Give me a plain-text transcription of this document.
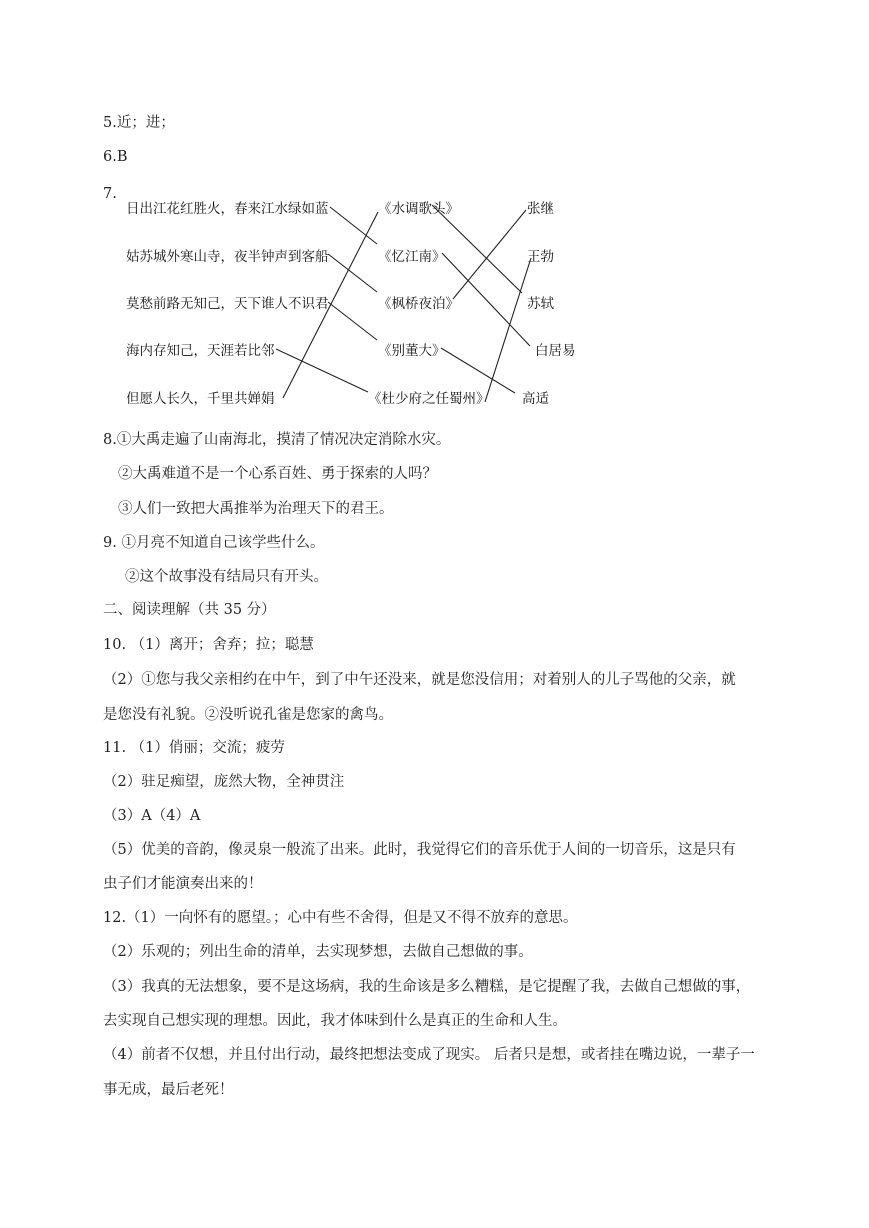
日出江花红胜火，春来江水绿如蓝
姑苏城外寒山寺，夜半钟声到客船
莫愁前路无知己，天下谁人不识君
海内存知己，天涯若比邻
但愿人长久，千里共婵娟
《水调歌头》
《忆江南》
《枫桥夜泊》
《别董大》
《杜少府之任蜀州》
张继
王勃
苏轼
白居易
高适
5.近；进；
6.B
7.
8.①大禹走遍了山南海北，摸清了情况决定消除水灾。
②大禹难道不是一个心系百姓、勇于探索的人吗？
③人们一致把大禹推举为治理天下的君王。
9. ①月亮不知道自己该学些什么。
②这个故事没有结局只有开头。
二、阅读理解（共 35 分）
10. （1）离开；舍弃；拉；聪慧
（2）①您与我父亲相约在中午，到了中午还没来，就是您没信用；对着别人的儿子骂他的父亲，就
是您没有礼貌。②没听说孔雀是您家的禽鸟。
11. （1）俏丽；交流；疲劳
（2）驻足痴望，庞然大物，全神贯注
（3）A（4）A
（5）优美的音韵，像灵泉一般流了出来。此时，我觉得它们的音乐优于人间的一切音乐，这是只有
虫子们才能演奏出来的！
12.（1）一向怀有的愿望。；心中有些不舍得，但是又不得不放弃的意思。
（2）乐观的；列出生命的清单，去实现梦想，去做自己想做的事。
（3）我真的无法想象，要不是这场病，我的生命该是多么糟糕，是它提醒了我，去做自己想做的事，
去实现自己想实现的理想。因此，我才体味到什么是真正的生命和人生。
（4）前者不仅想，并且付出行动，最终把想法变成了现实。 后者只是想，或者挂在嘴边说，一辈子一
事无成，最后老死！
